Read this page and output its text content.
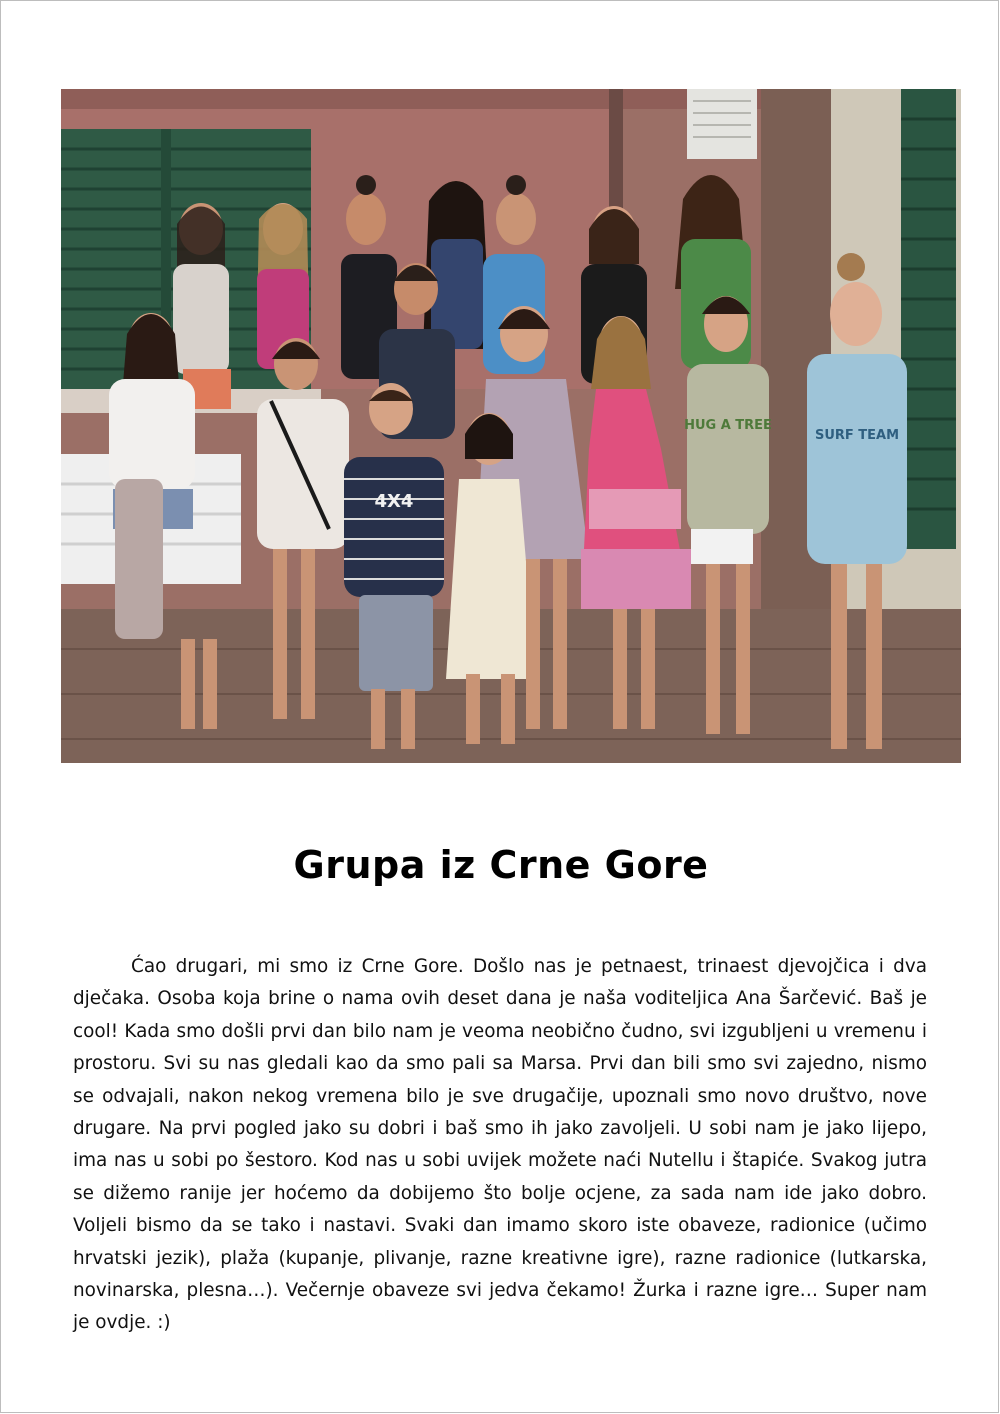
4X4
HUG A TREE
SURF TEAM
Grupa iz Crne Gore

Ćao drugari, mi smo iz Crne Gore. Došlo nas je petnaest, trinaest djevojčica i dva dječaka. Osoba koja brine o nama ovih deset dana je naša voditeljica Ana Šarčević. Baš je cool! Kada smo došli prvi dan bilo nam je veoma neobično čudno, svi izgubljeni u vremenu i prostoru. Svi su nas gledali kao da smo pali sa Marsa. Prvi dan bili smo svi zajedno, nismo se odvajali, nakon nekog vremena bilo je sve drugačije, upoznali smo novo društvo, nove drugare. Na prvi pogled jako su dobri i baš smo ih jako zavoljeli. U sobi nam je jako lijepo, ima nas u sobi po šestoro. Kod nas u sobi uvijek možete naći Nutellu i štapiće. Svakog jutra se dižemo ranije jer hoćemo da dobijemo što bolje ocjene, za sada nam ide jako dobro. Voljeli bismo da se tako i nastavi. Svaki dan imamo skoro iste obaveze, radionice (učimo hrvatski jezik), plaža (kupanje, plivanje, razne kreativne igre), razne radionice (lutkarska, novinarska, plesna…). Večernje obaveze svi jedva čekamo! Žurka i razne igre… Super nam je ovdje. :)
